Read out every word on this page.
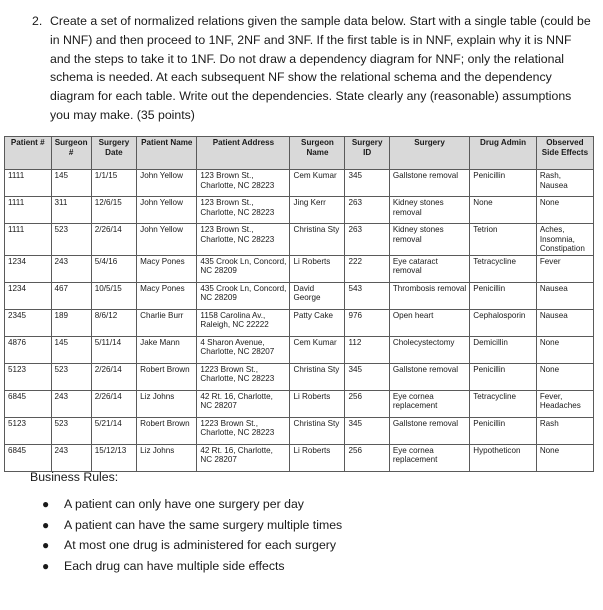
2. Create a set of normalized relations given the sample data below. Start with a single table (could be in NNF) and then proceed to 1NF, 2NF and 3NF. If the first table is in NNF, explain why it is NNF and the steps to take it to 1NF. Do not draw a dependency diagram for NNF; only the relational schema is needed. At each subsequent NF show the relational schema and the dependency diagram for each table. Write out the dependencies. State clearly any (reasonable) assumptions you may make. (35 points)
Patient #	Surgeon #	Surgery Date	Patient Name	Patient Address	Surgeon Name	Surgery ID	Surgery	Drug Admin	Observed Side Effects
1111	145	1/1/15	John Yellow	123 Brown St., Charlotte, NC 28223	Cem Kumar	345	Gallstone removal	Penicillin	Rash, Nausea
1111	311	12/6/15	John Yellow	123 Brown St., Charlotte, NC 28223	Jing Kerr	263	Kidney stones removal	None	None
1111	523	2/26/14	John Yellow	123 Brown St., Charlotte, NC 28223	Christina Sty	263	Kidney stones removal	Tetrion	Aches, Insomnia, Constipation
1234	243	5/4/16	Macy Pones	435 Crook Ln, Concord, NC 28209	Li Roberts	222	Eye cataract removal	Tetracycline	Fever
1234	467	10/5/15	Macy Pones	435 Crook Ln, Concord, NC 28209	David George	543	Thrombosis removal	Penicillin	Nausea
2345	189	8/6/12	Charlie Burr	1158 Carolina Av., Raleigh, NC 22222	Patty Cake	976	Open heart	Cephalosporin	Nausea
4876	145	5/11/14	Jake Mann	4 Sharon Avenue, Charlotte, NC 28207	Cem Kumar	112	Cholecystectomy	Demicillin	None
5123	523	2/26/14	Robert Brown	1223 Brown St., Charlotte, NC 28223	Christina Sty	345	Gallstone removal	Penicillin	None
6845	243	2/26/14	Liz Johns	42 Rt. 16, Charlotte, NC 28207	Li Roberts	256	Eye cornea replacement	Tetracycline	Fever, Headaches
5123	523	5/21/14	Robert Brown	1223 Brown St., Charlotte, NC 28223	Christina Sty	345	Gallstone removal	Penicillin	Rash
6845	243	15/12/13	Liz Johns	42 Rt. 16, Charlotte, NC 28207	Li Roberts	256	Eye cornea replacement	Hypotheticon	None
Business Rules:
● A patient can only have one surgery per day
● A patient can have the same surgery multiple times
● At most one drug is administered for each surgery
● Each drug can have multiple side effects
